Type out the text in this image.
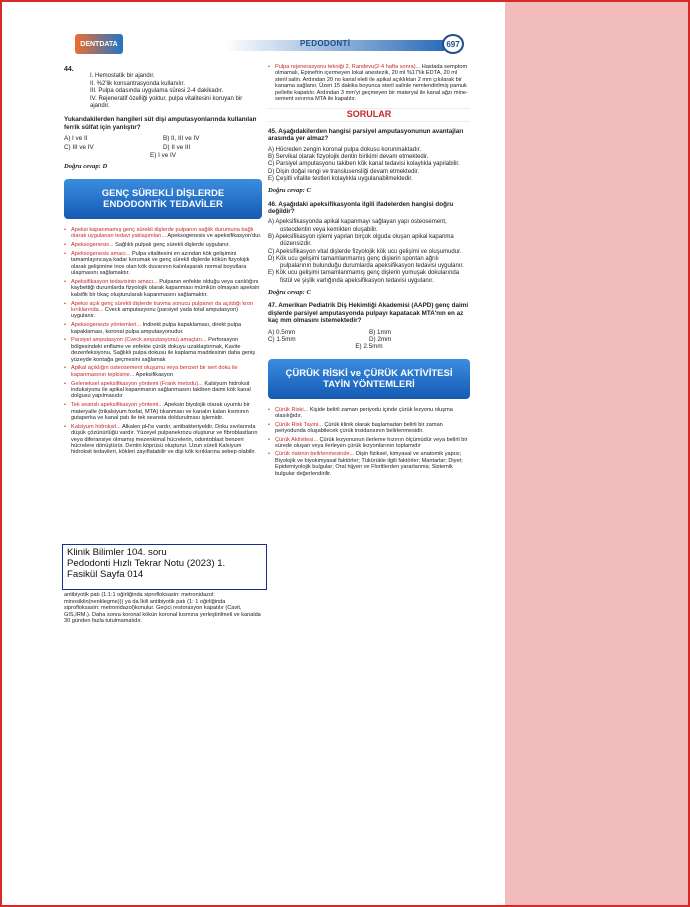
DENTDATA	PEDODONTİ	697
44.
I. Hemostatik bir ajandır.
II. %2'lik konsantrasyonda kullanılır.
III. Pulpa odasında uygulama süresi 2-4 dakikadır.
IV. Rejeneratif özelliği yoktur, pulpa vitalitesini koruyan bir ajandır.
Yukarıdakilerden hangileri süt dişi amputasyonlarında kullanılan ferrik sülfat için yanlıştır?
A) I ve II	B) II, III ve IV
C) III ve IV	D) II ve III
E) I ve IV
Doğru cevap: D
GENÇ SÜREKLİ DİŞLERDE ENDODONTİK TEDAVİLER
• Apeksi kapanmamış genç sürekli dişlerde pulpanın sağlık durumuna bağlı olarak uygulanan tedavi yaklaşımları... Apeksogenesis ve apeksifikasyon'dur.
• Apeksogenesis... Sağlıklı pulpalı genç sürekli dişlerde uygulanır.
• Apeksogenesis amacı... Pulpa vitalitesini en azından kök gelişimini tamamlayıncaya kadar korumak ve genç sürekli dişlerde kökün fizyolojik olarak gelişimine ince olan kök duvarının kalınlaşarak normal boyutlara ulaşmasını sağlamaktır.
• Apeksifikasyon tedavisinin amacı... Pulpanın enfekte olduğu veya canlılığını kaybettiği durumlarda fizyolojik olarak kapanması mümkün olmayan apeksin kalsifik bir tıkaç oluşturularak kapanmasını sağlamaktır.
• Apeksi açık genç sürekli dişlerde travma sonucu pulpanın da açıldığı kron kırıklarında... Cveck amputasyonu (parsiyel yada total amputasyon) uygulanır.
• Apeksogenezis yöntemleri... Indirekt pulpa kapaklaması, direkt pulpa kapaklaması, koronal pulpa amputasyonudur.
• Parsiyel amputasyon (Cveck amputasyonu) amaçları... Perforasyon bölgesindeki enflame ve enfekte çürük dokuyu uzaklaştırmak, Kavite dezenfeksiyonu, Sağlıklı pulpa dokusu ile kaplama maddesinin daha geniş yüzeyde kontağa geçmesini sağlamak
• Apikal açıklığın osteosement oluşumu veya benzeri bir sert doku ile kapanmasının tepkisine... Apeksifikasyon
• Geleneksel apeksifikasyon yöntemi (Frank metodu)... Kalsiyum hidroksit induksiyonu ile apikal kapanmanın sağlanmasını takiben daimi kök kanal dolgusu yapılmasıdır
• Tek seanslı apeksifikasyon yöntemi... Apeksin biyolojik olarak uyumlu bir materyalle (trikalsiyum fosfat, MTA) tıkanması ve kanalın kalan kısmının gutaperka ve kanal patı ile tek seansta doldurulması işlemidir.
• Kalsiyum hidroksit... Alkalen pH'sı vardır, antibakteriyeldir. Doku sıvılarında düşük çözünürlüğü vardır. Yüzeyel pulpanekrozu oluşturur ve fibroblastların veya diferansiye olmamış mezenkimal hücrelerin, odontoblast benzeri hücrelere dönüştürür. Dentin köprüsü oluşturur. Uzun süreli Kalsiyum hidroksit tedavileri, kökleri zayıflatabilir ve dişi kök kırıklarına sebep olabilir.
Klinik Bilimler 104. soru
Pedodonti Hızlı Tekrar Notu (2023) 1.
Fasikül Sayfa 014
antibiyotik patı (1:1:1 oğirliğinda siprofloksasin: metronidazol: minosiklin(nenklegme))) ya da İkili antibiyotik patı (1: 1 oğirliğinda siprofloksasin: metronidazol)konulur. Geçici restorasyon kapatılır (Cavit, GIS,IRM.). Daha sonra koronal kökün koronal kısmına yerleştirilmeli ve kanalda 30 günden fazla tutulmamalıdır.
• Pulpa rejenerasyonu tekniği 2. Randevu(2-4 hafta sonra)... Hastada semptom olmamalı, Epinefrin içermeyen lokal anestezik, 20 ml %17'lik EDTA, 20 ml steril salin. Ardından 20 no kanal eleti ile apikal açıklıktan 2 mm çıkılarak bir kanama sağlanır. Üzeri 15 dakika boyunca steril salinle nemlendirilmiş pamuk pelletle kapatılır. Ardından 3 mm'yi geçmeyen bir materyal ile kanal ağzı mine-sement sınırına MTA ile kapatılır.
SORULAR
45. Aşağıdakilerden hangisi parsiyel amputasyonunun avantajları arasında yer almaz?
A) Hücreden zengin koronal pulpa dokusu korunmaktadır.
B) Servikal olarak fizyolojik dentin birikimi devam etmektedir.
C) Parsiyel amputasyonu takiben kök kanal tedavisi kolaylıkla yapılabilir.
D) Dişin doğal rengi ve translusensliği devam etmektedir.
E) Çeşitli vitalite testleri kolaylıkla uygulanabilmektedir.
Doğru cevap: C
46. Aşağıdaki apeksifikasyonla ilgili ifadelerden hangisi doğru değildir?
A) Apeksifikasyonda apikal kapanmayı sağlayan yapı osteosement, osteodentin veya kemikten oluşabilir.
B) Apeksifikasyon işlemi yapılan birçok olguda oluşan apikal kapanma düzensizdir.
C) Apeksifikasyon vital dişlerde fizyolojik kök ucu gelişimi ve oluşumudur.
D) Kök ucu gelişimi tamamlanmamış genç dişlerin spontan ağrılı pulpalarının bulunduğu durumlarda apeksifikasyon tedavisi uygulanır.
E) Kök ucu gelişimi tamamlanmamış genç dişlerin yumuşak dokularında fistül ve şişlik varlığında apeksifikasyon tedavisi uygulanır.
Doğru cevap: C
47. Amerikan Pediatrik Diş Hekimliği Akademisi (AAPD) genç daimi dişlerde parsiyel amputasyonda pulpayı kapatacak MTA'nın en az kaç mm olmasını istemektedir?
A) 0.5mm	B) 1mm
C) 1.5mm	D) 2mm
E) 2.5mm
ÇÜRÜK RİSKİ ve ÇÜRÜK AKTİVİTESİ TAYİN YÖNTEMLERİ
• Çürük Riski... Kişide belirli zaman periyodu içinde çürük lezyonu oluşma olasılığıdır.
• Çürük Risk Tayini... Çürük klinik olarak başlamadan belirli bir zaman periyodunda oluşabilecek çürük insidansının belirlenmesidir.
• Çürük Aktivitesi... Çürük lezyonunun ilerleme hızının ölçümüdür veya belirli bir sürede oluşan veya ilerleyen çürük lezyonlarının toplamıdır
• Çürük riskinin belirlenmesinde... Dişin fiziksel, kimyasal ve anatomik yapısı; Biyolojik ve biyokimyasal faktörler; Tükürükle ilgili faktörler; Mantarlar; Diyet; Epidemiyolojik bulgular; Oral hijyen ve Floritlerden yararlanma; Sistemik bulgular değerlendirilir.
